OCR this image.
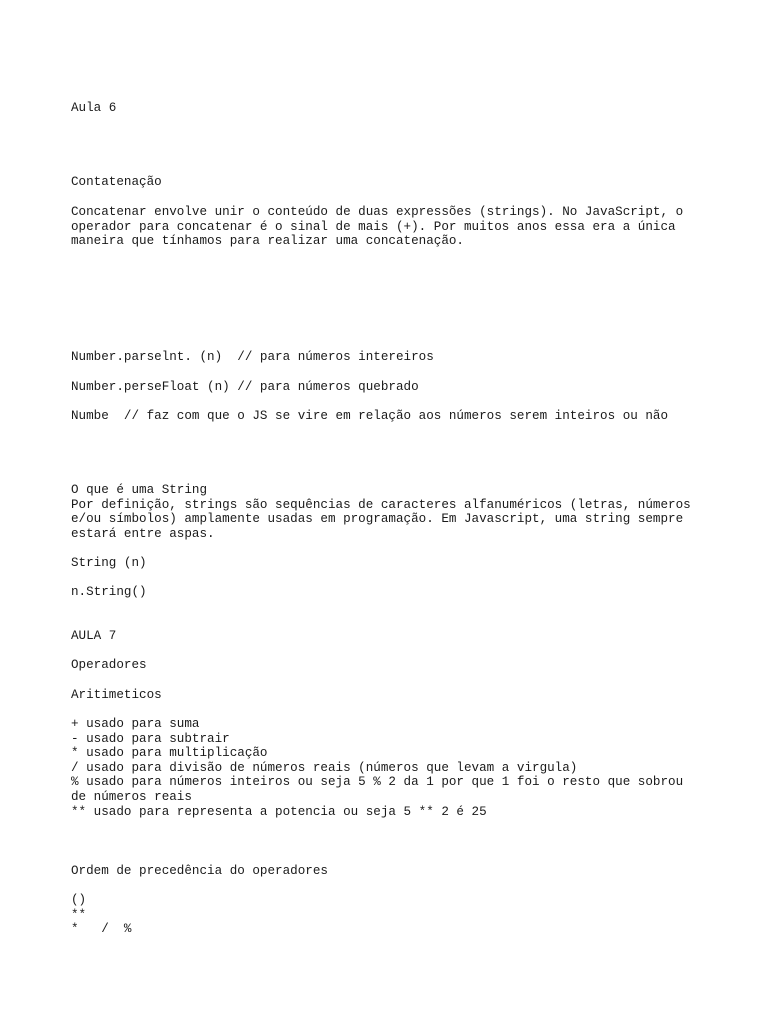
Aula 6

Contatenação

Concatenar envolve unir o conteúdo de duas expressões (strings). No JavaScript, o

operador para concatenar é o sinal de mais (+). Por muitos anos essa era a única

maneira que tínhamos para realizar uma concatenação.

Number.parselnt. (n)  // para números intereiros

Number.perseFloat (n) // para números quebrado

Numbe  // faz com que o JS se vire em relação aos números serem inteiros ou não

O que é uma String

Por definição, strings são sequências de caracteres alfanuméricos (letras, números

e/ou símbolos) amplamente usadas em programação. Em Javascript, uma string sempre

estará entre aspas.

String (n)

n.String()

AULA 7

Operadores

Aritimeticos

+ usado para suma

- usado para subtrair

* usado para multiplicação

/ usado para divisão de números reais (números que levam a virgula)

% usado para números inteiros ou seja 5 % 2 da 1 por que 1 foi o resto que sobrou

de números reais

** usado para representa a potencia ou seja 5 ** 2 é 25

Ordem de precedência do operadores

()

**

*   /  %
